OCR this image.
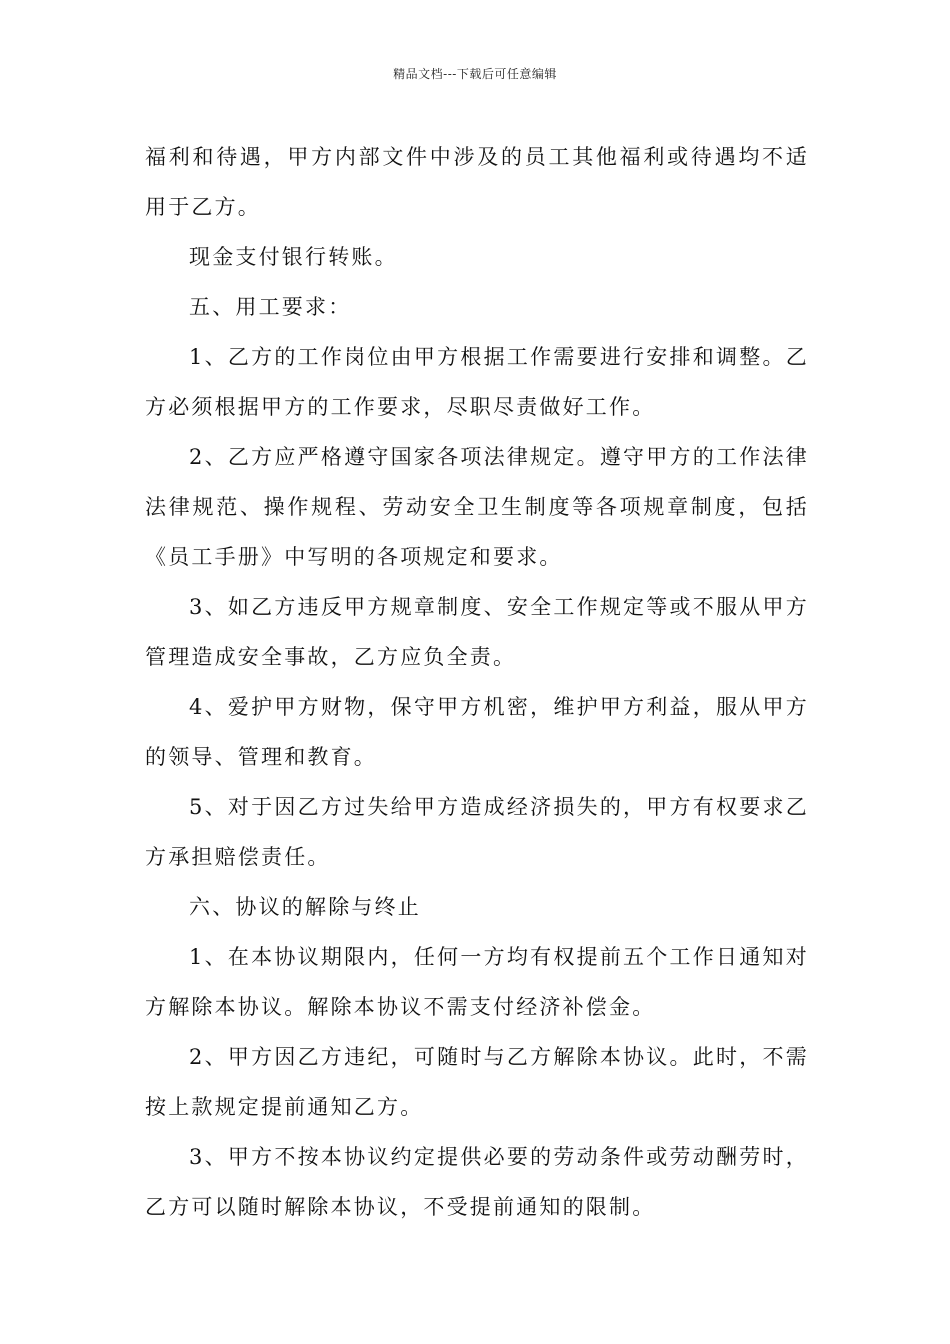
精品文档---下载后可任意编辑

福利和待遇，甲方内部文件中涉及的员工其他福利或待遇均不适用于乙方。

现金支付银行转账。

五、用工要求：

1、乙方的工作岗位由甲方根据工作需要进行安排和调整。乙方必须根据甲方的工作要求，尽职尽责做好工作。

2、乙方应严格遵守国家各项法律规定。遵守甲方的工作法律法律规范、操作规程、劳动安全卫生制度等各项规章制度，包括《员工手册》中写明的各项规定和要求。

3、如乙方违反甲方规章制度、安全工作规定等或不服从甲方管理造成安全事故，乙方应负全责。

4、爱护甲方财物，保守甲方机密，维护甲方利益，服从甲方的领导、管理和教育。

5、对于因乙方过失给甲方造成经济损失的，甲方有权要求乙方承担赔偿责任。

六、协议的解除与终止

1、在本协议期限内，任何一方均有权提前五个工作日通知对方解除本协议。解除本协议不需支付经济补偿金。

2、甲方因乙方违纪，可随时与乙方解除本协议。此时，不需按上款规定提前通知乙方。

3、甲方不按本协议约定提供必要的劳动条件或劳动酬劳时，乙方可以随时解除本协议，不受提前通知的限制。
